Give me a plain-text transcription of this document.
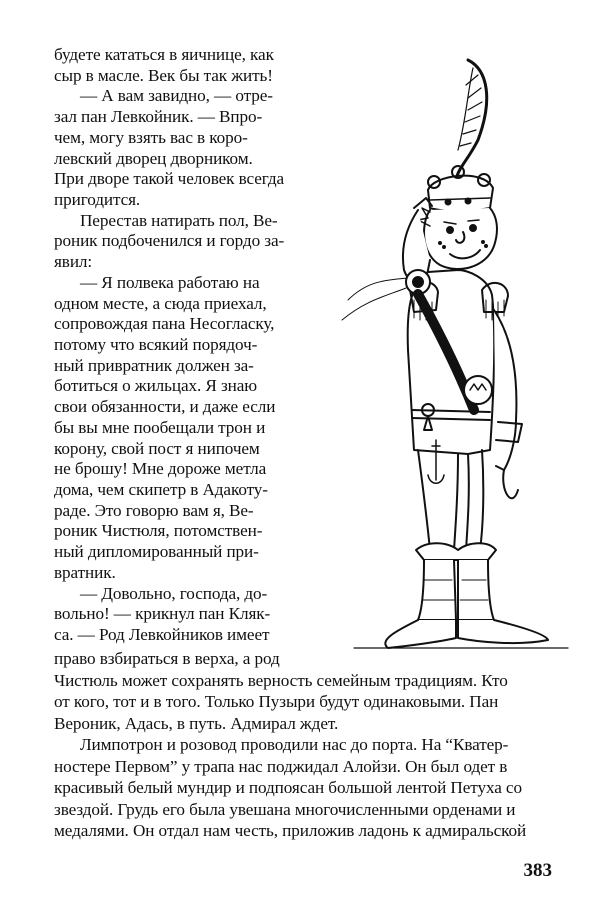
будете кататься в яичнице, как
сыр в масле. Век бы так жить!
— А вам завидно, — отре-
зал пан Левкойник. — Впро-
чем, могу взять вас в коро-
левский дворец дворником.
При дворе такой человек всегда
пригодится.
Перестав натирать пол, Ве-
роник подбоченился и гордо за-
явил:
— Я полвека работаю на
одном месте, а сюда приехал,
сопровождая пана Несогласку,
потому что всякий порядоч-
ный привратник должен за-
ботиться о жильцах. Я знаю
свои обязанности, и даже если
бы вы мне пообещали трон и
корону, свой пост я нипочем
не брошу! Мне дороже метла
дома, чем скипетр в Адакоту-
раде. Это говорю вам я, Ве-
роник Чистюля, потомствен-
ный дипломированный при-
вратник.
— Довольно, господа, до-
вольно! — крикнул пан Кляк-
са. — Род Левкойников имеет
право взбираться в верха, а род
Чистюль может сохранять верность семейным традициям. Кто
от кого, тот и в того. Только Пузыри будут одинаковыми. Пан
Вероник, Адась, в путь. Адмирал ждет.
Лимпотрон и розовод проводили нас до порта. На “Кватер-
ностере Первом” у трапа нас поджидал Алойзи. Он был одет в
красивый белый мундир и подпоясан большой лентой Петуха со
звездой. Грудь его была увешана многочисленными орденами и
медалями. Он отдал нам честь, приложив ладонь к адмиральской
383
